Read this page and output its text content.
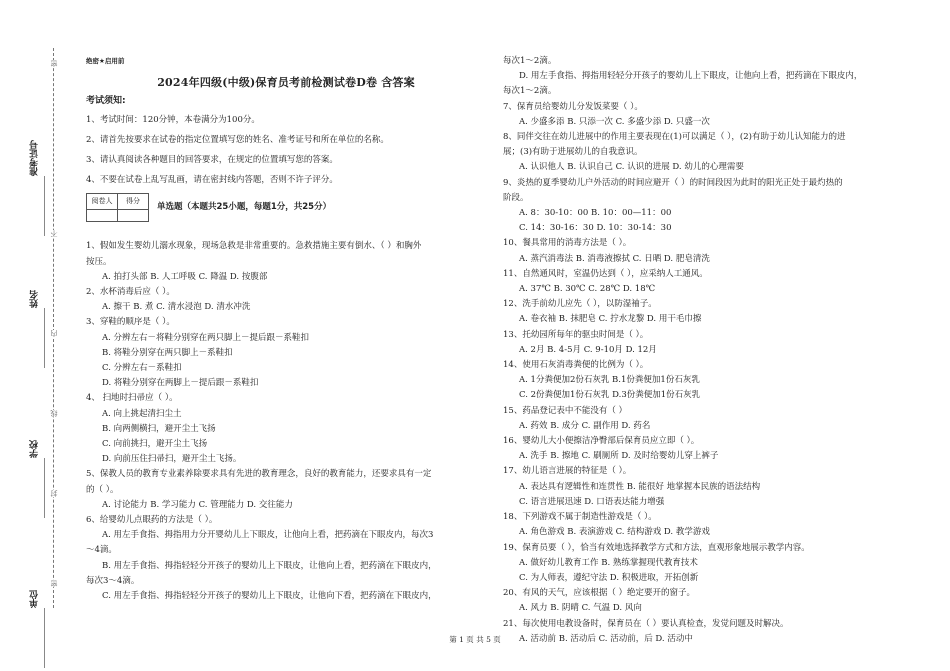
准考证号
姓名
学校
单位
密
不
内
线
封
密
绝密★启用前
2024年四级(中级)保育员考前检测试卷D卷 含答案
考试须知:
1、考试时间：120分钟，本卷满分为100分。
2、请首先按要求在试卷的指定位置填写您的姓名、准考证号和所在单位的名称。
3、请认真阅读各种题目的回答要求，在规定的位置填写您的答案。
4、不要在试卷上乱写乱画，请在密封线内答题，否则不许子评分。
阅卷人	得分

单选题（本题共25小题，每题1分，共25分）
1、假如发生婴幼儿溺水现象，现场急救是非常重要的。急救措施主要有倒水、（ ）和胸外
按压。
A. 拍打头部 B. 人工呼吸 C. 降温 D. 按腹部
2、水杯消毒后应（ ）。
A. 擦干 B. 煮 C. 清水浸泡 D. 清水冲洗
3、穿鞋的顺序是（ ）。
A. 分辨左右－将鞋分别穿在两只脚上－提后跟－系鞋扣
B. 将鞋分别穿在两只脚上－系鞋扣
C. 分辨左右－系鞋扣
D. 将鞋分别穿在两脚上－提后跟－系鞋扣
4、 扫地时扫帚应（ ）。
A. 向上挑起清扫尘土
B. 向两侧横扫，避开尘土飞扬
C. 向前挑扫，避开尘土飞扬
D. 向前压住扫帚扫，避开尘土飞扬。
5、保教人员的教育专业素养除要求具有先进的教育理念，良好的教育能力，还要求具有一定
的（ ）。
A. 讨论能力 B. 学习能力 C. 管理能力 D. 交往能力
6、给婴幼儿点眼药的方法是（ ）。
A. 用左手食指、拇指用力分开婴幼儿上下眼皮，让他向上看，把药滴在下眼皮内，每次3
～4滴。
B. 用左手食指、拇指轻轻分开孩子的婴幼儿上下眼皮，让他向上看，把药滴在下眼皮内，
每次3～4滴。
C. 用左手食指、拇指轻轻分开孩子的婴幼儿上下眼皮，让他向下看，把药滴在下眼皮内，
每次1～2滴。
D. 用左手食指、拇指用轻轻分开孩子的婴幼儿上下眼皮，让他向上看，把药滴在下眼皮内，
每次1～2滴。
7、保育员给婴幼儿分发饭菜要（ ）。
A. 少盛多添 B. 只添一次 C. 多盛少添 D. 只盛一次
8、同伴交往在幼儿进展中的作用主要表现在(1)可以满足（ ），(2)有助于幼儿认知能力的进
展；(3)有助于进展幼儿的自我意识。
A. 认识他人 B. 认识自己 C. 认识的进展 D. 幼儿的心理需要
9、炎热的夏季婴幼儿户外活动的时间应避开（ ）的时间段因为此时的阳光正处于最灼热的
阶段。
A. 8：30-10：00 B. 10：00—11：00
C. 14：30-16：30 D. 10：30-14：30
10、餐具常用的消毒方法是（ ）。
A. 蒸汽消毒法 B. 消毒液擦拭 C. 日晒 D. 肥皂清洗
11、自然通风时，室温仍达到（ ），应采纳人工通风。
A. 37℃ B. 30℃ C. 28℃ D. 18℃
12、洗手前幼儿应先（ ），以防湿袖子。
A. 卷衣袖 B. 抹肥皂 C. 拧水龙黎 D. 用干毛巾擦
13、托幼园所每年的驱虫时间是（ ）。
A. 2月 B. 4-5月 C. 9-10月 D. 12月
14、使用石灰消毒粪便的比例为（ ）。
A. 1分粪便加2份石灰乳 B.1份粪便加1份石灰乳
C. 2份粪便加1份石灰乳 D.3份粪便加1份石灰乳
15、药品登记表中不能没有（ ）
A. 药效 B. 成分 C. 副作用 D. 药名
16、婴幼儿大小便擦洁净臀部后保育员应立即（ ）。
A. 洗手 B. 擦地 C. 刷厕所 D. 及时给婴幼儿穿上裤子
17、幼儿语言进展的特征是（ ）。
A. 表达具有逻辑性和连贯性 B. 能很好 地掌握本民族的语法结构
C. 语言进展迅速 D. 口语表达能力增强
18、下列游戏不属于制造性游戏是（ ）。
A. 角色游戏 B. 表演游戏 C. 结构游戏 D. 教学游戏
19、保育员要（ ），恰当有效地选择教学方式和方法，直观形象地展示教学内容。
A. 做好幼儿教育工作 B. 熟练掌握现代教育技术
C. 为人师表，遵纪守法 D. 积极进取，开拓创新
20、有风的天气，应该根据（ ）绝定要开的窗子。
A. 风力 B. 阴晴 C. 气温 D. 风向
21、每次使用电教设备时，保育员在（ ）要认真检查，发觉问题及时解决。
A. 活动前 B. 活动后 C. 活动前，后 D. 活动中
第 1 页 共 5 页
